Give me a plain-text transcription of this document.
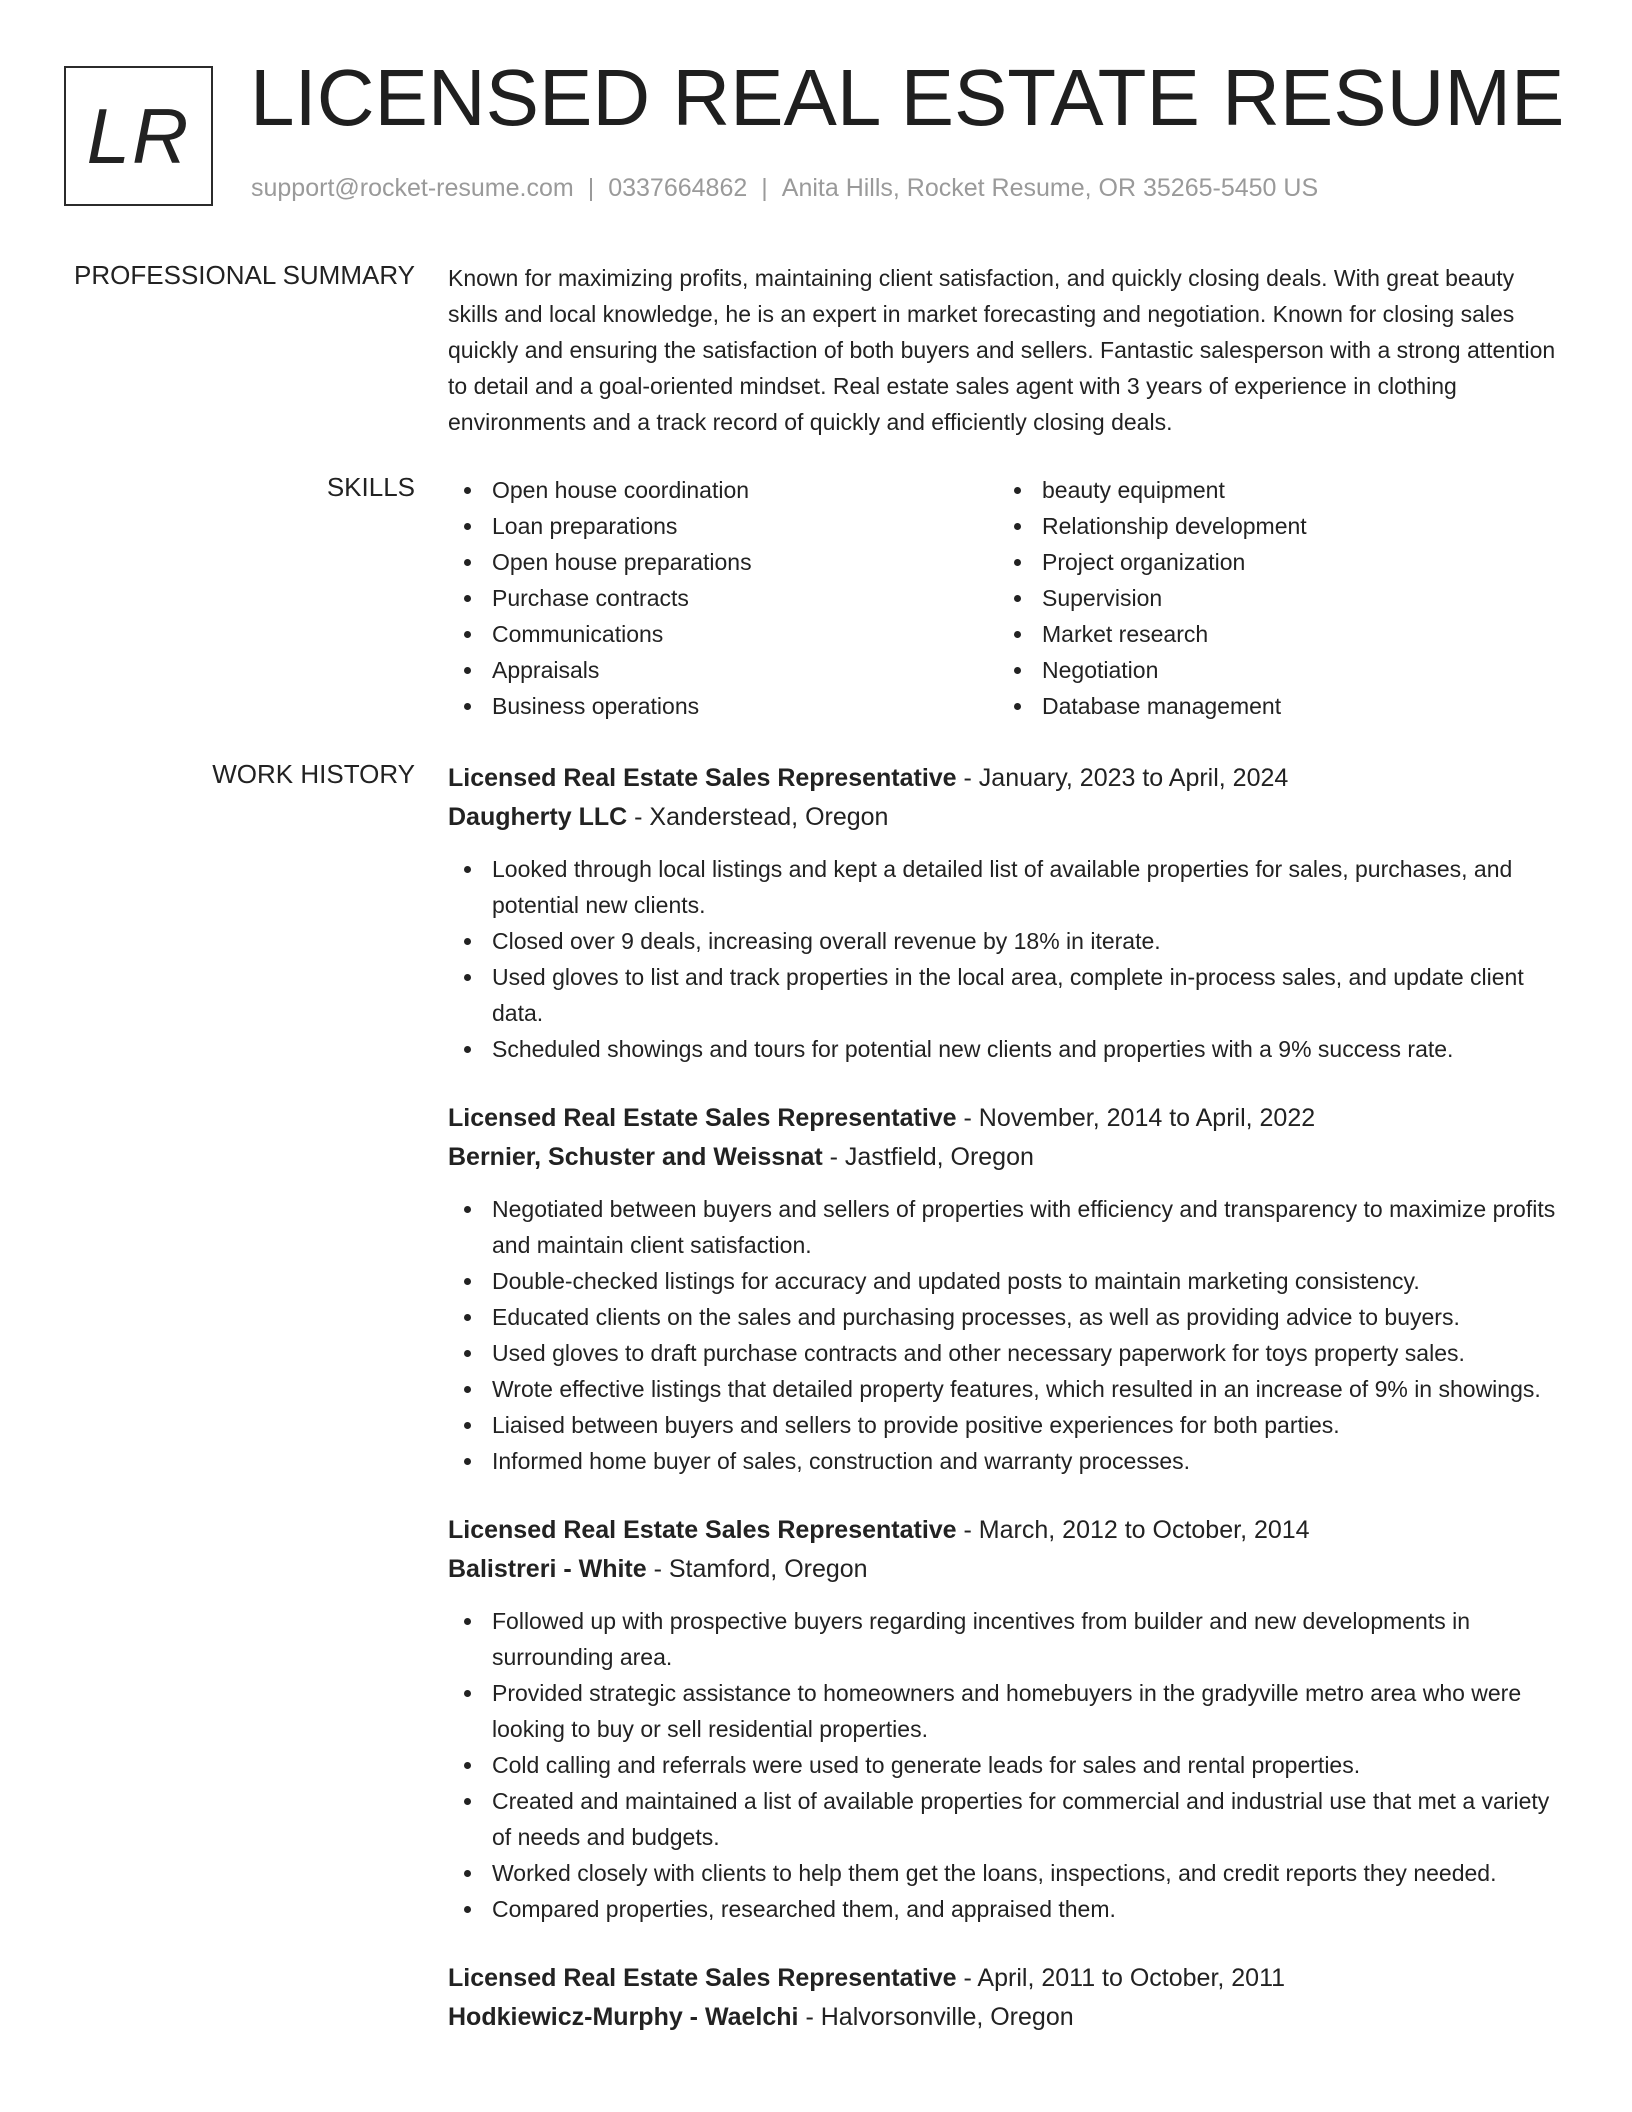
LR LICENSED REAL ESTATE RESUME
support@rocket-resume.com | 0337664862 | Anita Hills, Rocket Resume, OR 35265-5450 US
PROFESSIONAL SUMMARY Known for maximizing profits, maintaining client satisfaction, and quickly closing deals. With great beauty skills and local knowledge, he is an expert in market forecasting and negotiation. Known for closing sales quickly and ensuring the satisfaction of both buyers and sellers. Fantastic salesperson with a strong attention to detail and a goal-oriented mindset. Real estate sales agent with 3 years of experience in clothing environments and a track record of quickly and efficiently closing deals.
SKILLS	Open house coordination
Loan preparations
Open house preparations
Purchase contracts
Communications
Appraisals
Business operations
beauty equipment
Relationship development
Project organization
Supervision
Market research
Negotiation
Database management
WORK HISTORY Licensed Real Estate Sales Representative - January, 2023 to April, 2024
Daugherty LLC - Xanderstead, Oregon
Looked through local listings and kept a detailed list of available properties for sales, purchases, and potential new clients.
Closed over 9 deals, increasing overall revenue by 18% in iterate.
Used gloves to list and track properties in the local area, complete in-process sales, and update client data.
Scheduled showings and tours for potential new clients and properties with a 9% success rate.
Licensed Real Estate Sales Representative - November, 2014 to April, 2022
Bernier, Schuster and Weissnat - Jastfield, Oregon
Negotiated between buyers and sellers of properties with efficiency and transparency to maximize profits and maintain client satisfaction.
Double-checked listings for accuracy and updated posts to maintain marketing consistency.
Educated clients on the sales and purchasing processes, as well as providing advice to buyers.
Used gloves to draft purchase contracts and other necessary paperwork for toys property sales.
Wrote effective listings that detailed property features, which resulted in an increase of 9% in showings.
Liaised between buyers and sellers to provide positive experiences for both parties.
Informed home buyer of sales, construction and warranty processes.
Licensed Real Estate Sales Representative - March, 2012 to October, 2014
Balistreri - White - Stamford, Oregon
Followed up with prospective buyers regarding incentives from builder and new developments in surrounding area.
Provided strategic assistance to homeowners and homebuyers in the gradyville metro area who were looking to buy or sell residential properties.
Cold calling and referrals were used to generate leads for sales and rental properties.
Created and maintained a list of available properties for commercial and industrial use that met a variety of needs and budgets.
Worked closely with clients to help them get the loans, inspections, and credit reports they needed.
Compared properties, researched them, and appraised them.
Licensed Real Estate Sales Representative - April, 2011 to October, 2011
Hodkiewicz-Murphy - Waelchi - Halvorsonville, Oregon
